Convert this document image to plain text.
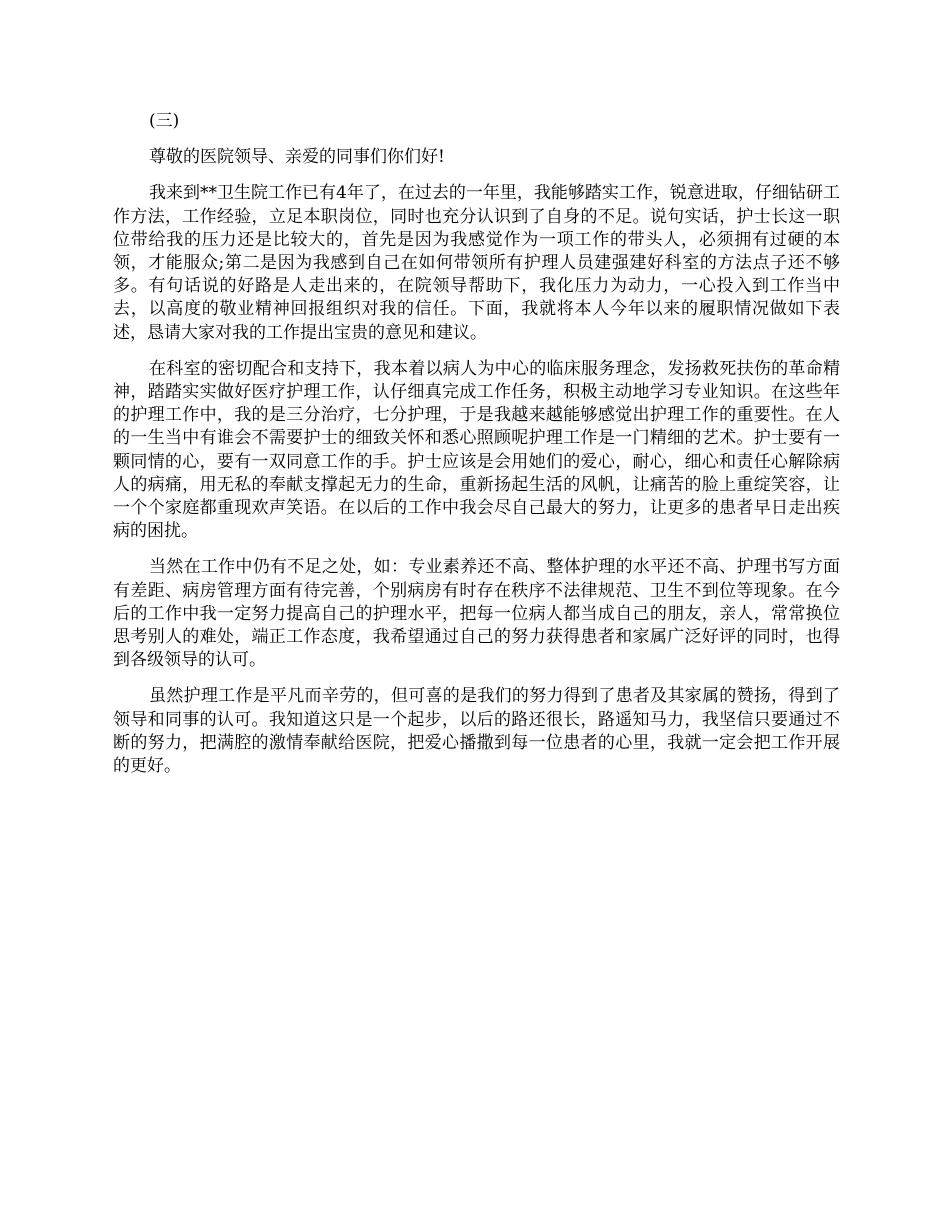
(三)

尊敬的医院领导、亲爱的同事们你们好!

我来到**卫生院工作已有4年了，在过去的一年里，我能够踏实工作，锐意进取，仔细钻研工作方法，工作经验，立足本职岗位，同时也充分认识到了自身的不足。说句实话，护士长这一职位带给我的压力还是比较大的，首先是因为我感觉作为一项工作的带头人，必须拥有过硬的本领，才能服众;第二是因为我感到自己在如何带领所有护理人员建强建好科室的方法点子还不够多。有句话说的好路是人走出来的，在院领导帮助下，我化压力为动力，一心投入到工作当中去，以高度的敬业精神回报组织对我的信任。下面，我就将本人今年以来的履职情况做如下表述，恳请大家对我的工作提出宝贵的意见和建议。

在科室的密切配合和支持下，我本着以病人为中心的临床服务理念，发扬救死扶伤的革命精神，踏踏实实做好医疗护理工作，认仔细真完成工作任务，积极主动地学习专业知识。在这些年的护理工作中，我的是三分治疗，七分护理，于是我越来越能够感觉出护理工作的重要性。在人的一生当中有谁会不需要护士的细致关怀和悉心照顾呢护理工作是一门精细的艺术。护士要有一颗同情的心，要有一双同意工作的手。护士应该是会用她们的爱心，耐心，细心和责任心解除病人的病痛，用无私的奉献支撑起无力的生命，重新扬起生活的风帆，让痛苦的脸上重绽笑容，让一个个家庭都重现欢声笑语。在以后的工作中我会尽自己最大的努力，让更多的患者早日走出疾病的困扰。

当然在工作中仍有不足之处，如：专业素养还不高、整体护理的水平还不高、护理书写方面有差距、病房管理方面有待完善，个别病房有时存在秩序不法律规范、卫生不到位等现象。在今后的工作中我一定努力提高自己的护理水平，把每一位病人都当成自己的朋友，亲人，常常换位思考别人的难处，端正工作态度，我希望通过自己的努力获得患者和家属广泛好评的同时，也得到各级领导的认可。

虽然护理工作是平凡而辛劳的，但可喜的是我们的努力得到了患者及其家属的赞扬，得到了领导和同事的认可。我知道这只是一个起步，以后的路还很长，路遥知马力，我坚信只要通过不断的努力，把满腔的激情奉献给医院，把爱心播撒到每一位患者的心里，我就一定会把工作开展的更好。
